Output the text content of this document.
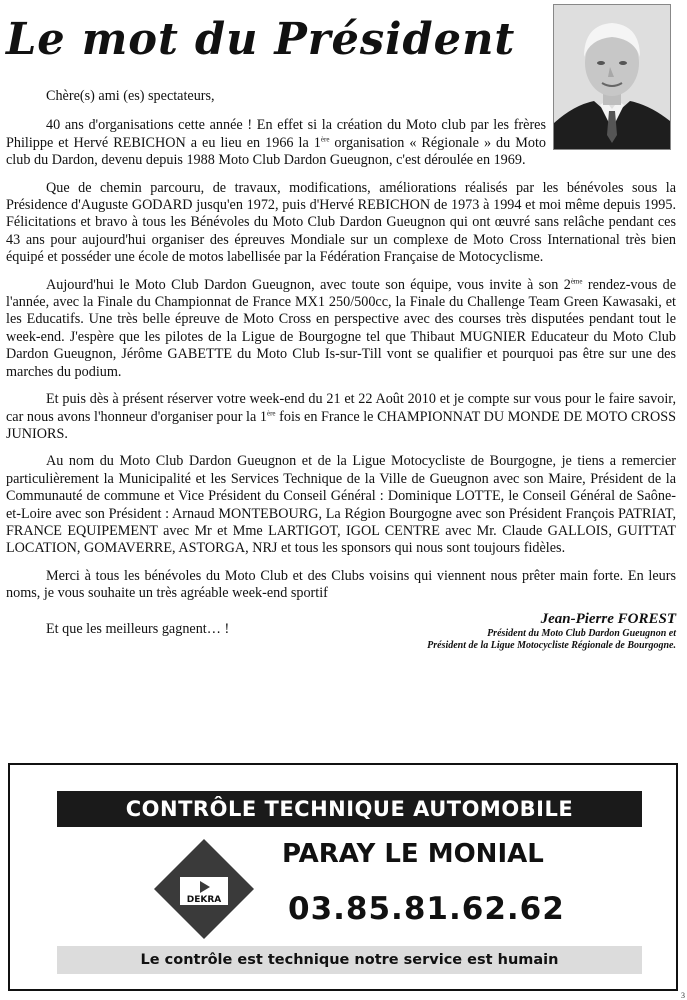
Le mot du Président

Chère(s) ami (es) spectateurs,

40 ans d'organisations cette année ! En effet si la création du Moto club par les frères Philippe et Hervé REBICHON a eu lieu en 1966 la 1ère organisation « Régionale » du Moto club du Dardon, devenu depuis 1988 Moto Club Dardon Gueugnon, c'est déroulée en 1969.

Que de chemin parcouru, de travaux, modifications, améliorations réalisés par les bénévoles sous la Présidence d'Auguste GODARD jusqu'en 1972, puis d'Hervé REBICHON de 1973 à 1994 et moi même depuis 1995. Félicitations et bravo à tous les Bénévoles du Moto Club Dardon Gueugnon qui ont œuvré sans relâche pendant ces 43 ans pour aujourd'hui organiser des épreuves Mondiale sur un complexe de Moto Cross International très bien équipé et posséder une école de motos labellisée par la Fédération Française de Motocyclisme.

Aujourd'hui le Moto Club Dardon Gueugnon, avec toute son équipe, vous invite à son 2ème rendez-vous de l'année, avec la Finale du Championnat de France MX1 250/500cc, la Finale du Challenge Team Green Kawasaki, et les Educatifs. Une très belle épreuve de Moto Cross en perspective avec des courses très disputées pendant tout le week-end. J'espère que les pilotes de la Ligue de Bourgogne tel que Thibaut MUGNIER Educateur du Moto Club Dardon Gueugnon, Jérôme GABETTE du Moto Club Is-sur-Till vont se qualifier et pourquoi pas être sur une des marches du podium.

Et puis dès à présent réserver votre week-end du 21 et 22 Août 2010 et je compte sur vous pour le faire savoir, car nous avons l'honneur d'organiser pour la 1ère fois en France le CHAMPIONNAT DU MONDE DE MOTO CROSS JUNIORS.

Au nom du Moto Club Dardon Gueugnon et de la Ligue Motocycliste de Bourgogne, je tiens a remercier particulièrement la Municipalité et les Services Technique de la Ville de Gueugnon avec son Maire, Président de la Communauté de commune et Vice Président du Conseil Général : Dominique LOTTE, le Conseil Général de Saône-et-Loire avec son Président : Arnaud MONTEBOURG, La Région Bourgogne avec son Président François PATRIAT, FRANCE EQUIPEMENT avec Mr et Mme LARTIGOT, IGOL CENTRE avec Mr. Claude GALLOIS, GUITTAT LOCATION, GOMAVERRE, ASTORGA, NRJ et tous les sponsors qui nous sont toujours fidèles.

Merci à tous les bénévoles du Moto Club et des Clubs voisins qui viennent nous prêter main forte. En leurs noms, je vous souhaite un très agréable week-end sportif

Et que les meilleurs gagnent… !
Jean-Pierre FOREST
Président du Moto Club Dardon Gueugnon et
Président de la Ligue Motocycliste Régionale de Bourgogne.
CONTRÔLE TECHNIQUE AUTOMOBILE
DEKRA
PARAY LE MONIAL
03.85.81.62.62
Le contrôle est technique notre service est humain
3
